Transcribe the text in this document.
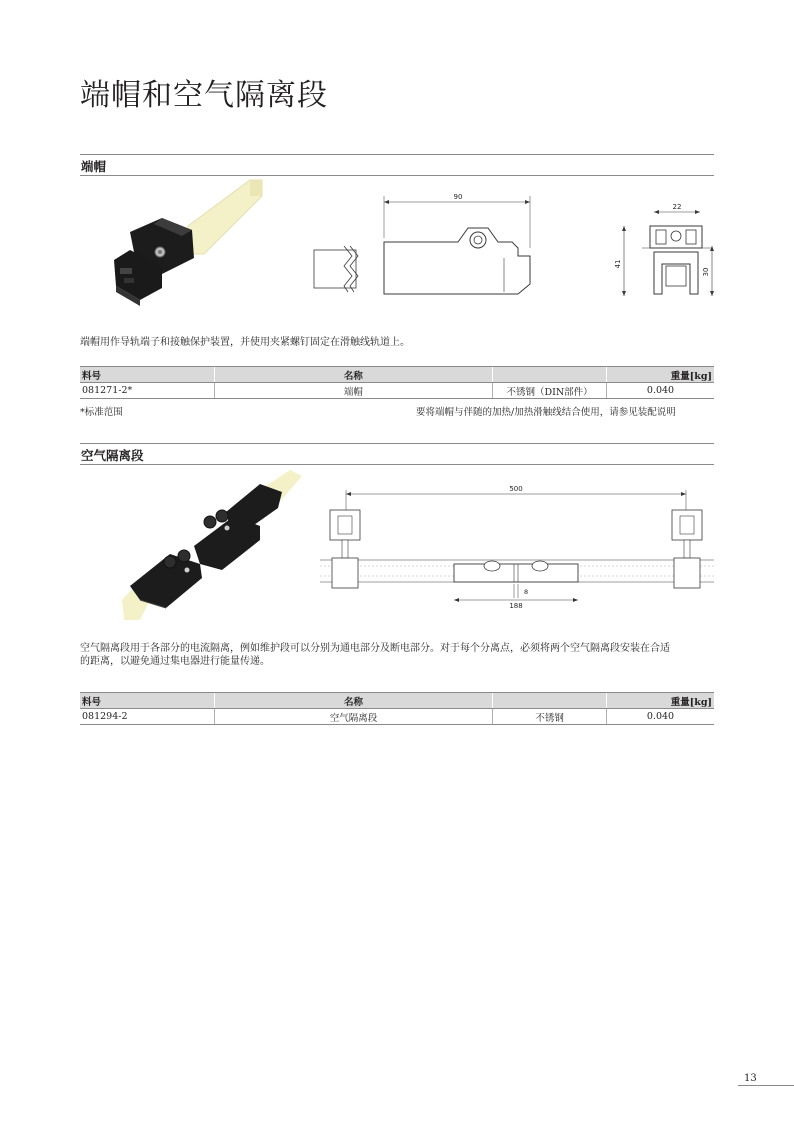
端帽和空气隔离段
端帽
90
22
41
30
端帽用作导轨端子和接触保护装置，并使用夹紧螺钉固定在滑触线轨道上。
料号	名称		重量[kg]
081271-2*	端帽	不锈钢（DIN部件）	0.040
*标准范围	要将端帽与伴随的加热/加热滑触线结合使用，请参见装配说明
空气隔离段
500
8
188
空气隔离段用于各部分的电流隔离，例如维护段可以分别为通电部分及断电部分。对于每个分离点，必须将两个空气隔离段安装在合适
的距离，以避免通过集电器进行能量传递。
料号	名称		重量[kg]
081294-2	空气隔离段	不锈钢	0.040
13
